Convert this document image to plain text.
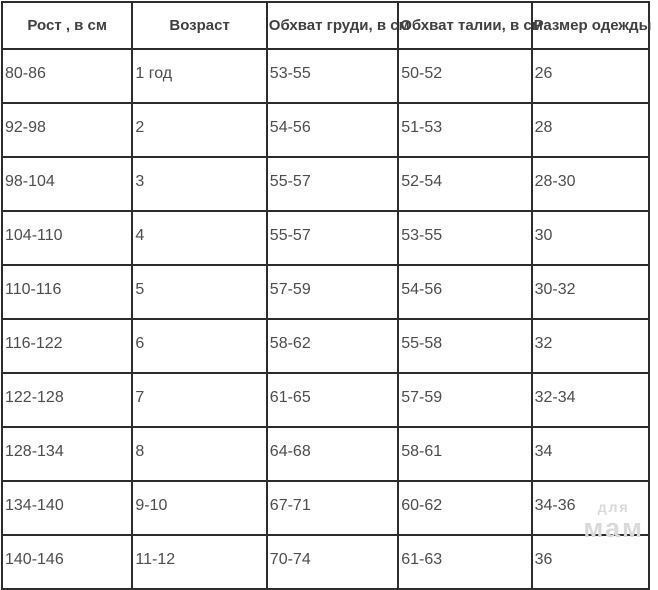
Рост , в см	Возраст	Обхват груди, в см	Обхват талии, в см	Размер одежды
80-86	1 год	53-55	50-52	26
92-98	2	54-56	51-53	28
98-104	3	55-57	52-54	28-30
104-110	4	55-57	53-55	30
110-116	5	57-59	54-56	30-32
116-122	6	58-62	55-58	32
122-128	7	61-65	57-59	32-34
128-134	8	64-68	58-61	34
134-140	9-10	67-71	60-62	34-36
140-146	11-12	70-74	61-63	36
для
мам
